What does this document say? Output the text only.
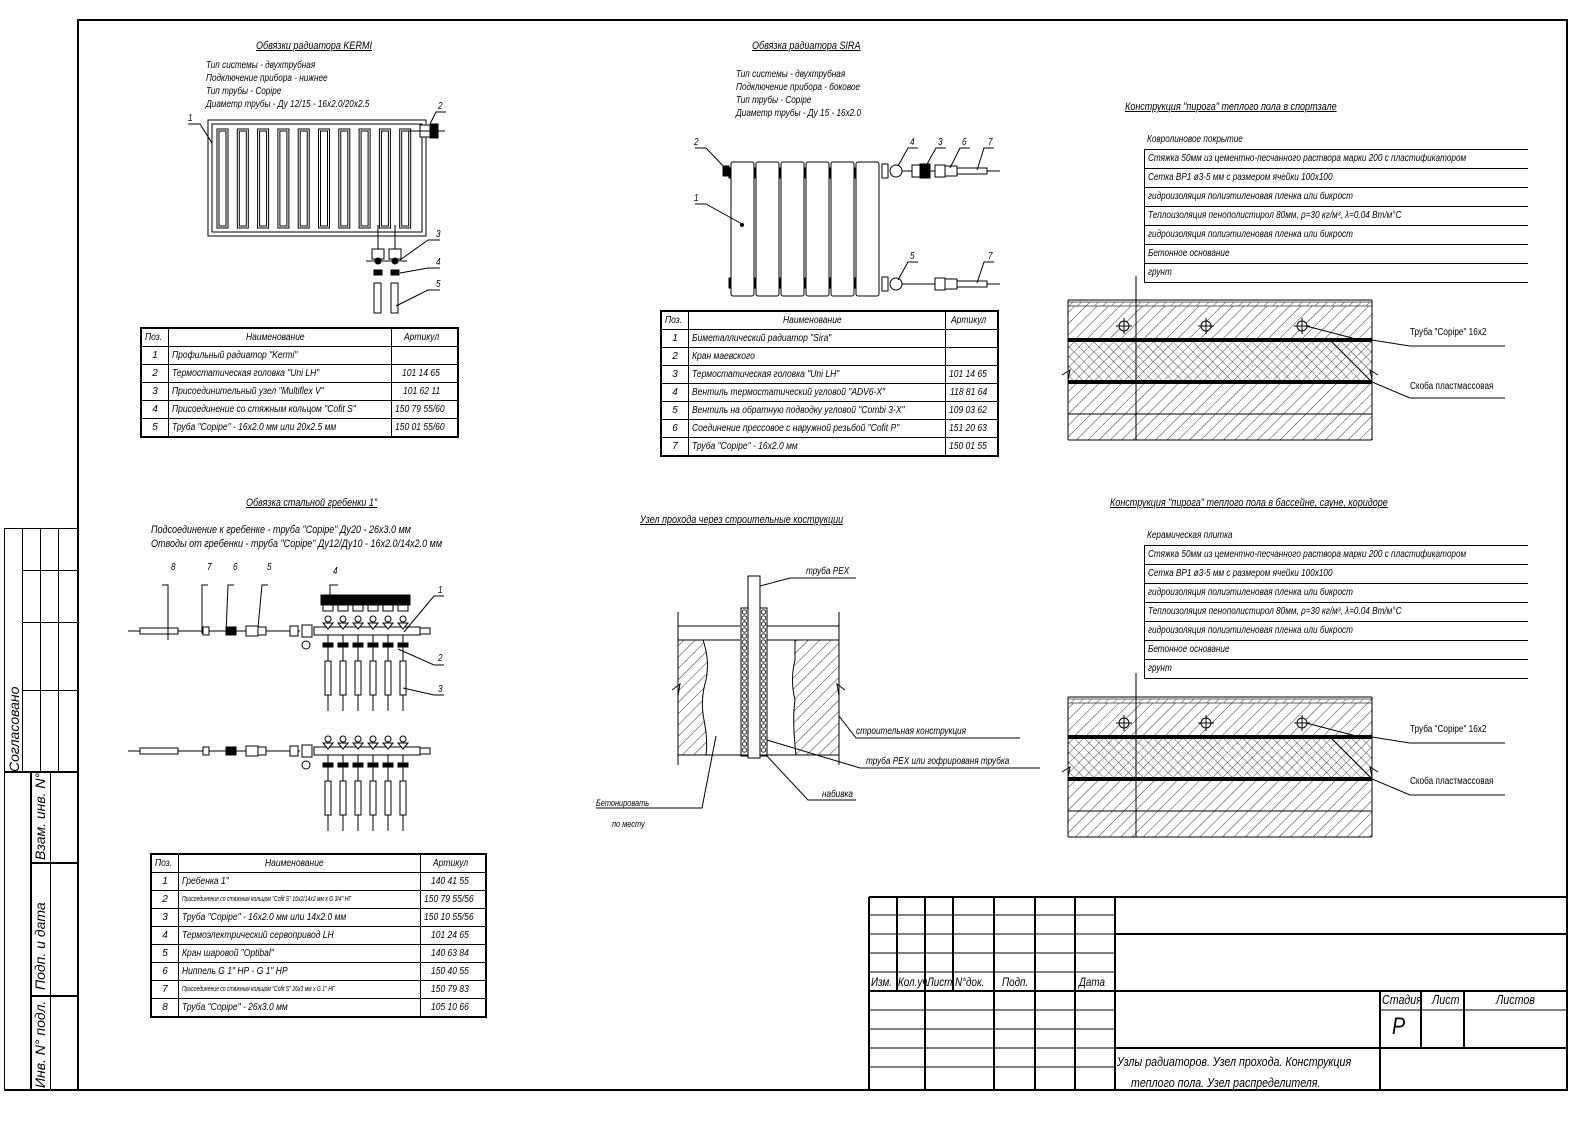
Согласовано
Взам. инв. N°
Подп. и дата
Инв. N° подл.
Обвязки радиатора KERMI
Тип системы - двухтрубная
Подключение прибора - нижнее
Тип трубы - Copipe
Диаметр трубы - Ду 12/15 - 16х2.0/20х2.5
1
2
3
4
5
Поз.	Наименование	Артикул
1	Профильный радиатор "Kermi"	
2	Термостатическая головка "Uni LH"	101 14 65
3	Присоединительный узел "Multiflex V"	101 62 11
4	Присоединение со стяжным кольцом "Cofit S"	150 79 55/60
5	Труба "Copipe" - 16х2.0 мм или 20х2.5 мм	150 01 55/60
Обвязка радиатора SIRA
Тип системы - двухтрубная
Подключение прибора - боковое
Тип трубы - Copipe
Диаметр трубы - Ду 15 - 16х2.0
1
2	3
4
5
6 7
7
Поз.	Наименование	Артикул
1	Биметаллический радиатор "Sira"	
2	Кран маевского	
3	Термостатическая головка "Uni LH"	101 14 65
4	Вентиль термостатический угловой "ADV6-X"	118 81 64
5	Вентиль на обратную подводку угловой "Combi 3-X"	109 03 62
6	Соединение прессовое с наружной резьбой "Cofit P"	151 20 63
7	Труба "Copipe" - 16х2.0 мм	150 01 55
Конструкция "пирога" теплого пола в спортзале
Ковролиновое покрытие
Стяжка 50мм из цементно-песчанного раствора марки 200 с пластификатором
Сетка ВР1 ø3-5 мм с размером ячейки 100х100
гидроизоляция полиэтиленовая пленка или бикрост
Теплоизоляция пенополистирол 80мм, ρ=30 кг/м³, λ=0.04 Вт/м°С
гидроизоляция полиэтиленовая пленка или бикрост
Бетонное основание
грунт
Труба "Copipe" 16х2
Скоба пластмассовая
Конструкция "пирога" теплого пола в бассейне, сауне, коридоре
Керамическая плитка
Стяжка 50мм из цементно-песчанного раствора марки 200 с пластификатором
Сетка ВР1 ø3-5 мм с размером ячейки 100х100
гидроизоляция полиэтиленовая пленка или бикрост
Теплоизоляция пенополистирол 80мм, ρ=30 кг/м³, λ=0.04 Вт/м°С
гидроизоляция полиэтиленовая пленка или бикрост
Бетонное основание
грунт
Труба "Copipe" 16х2
Скоба пластмассовая
Обвязка стальной гребенки 1"
Подсоединение к гребенке - труба "Copipe" Ду20 - 26х3.0 мм
Отводы от гребенки - труба "Copipe" Ду12/Ду10 - 16х2.0/14х2.0 мм
8	7 6	5	4
1
2
3
Поз.	Наименование	Артикул
1	Гребенка 1"	140 41 55
2	Присоединение со стяжным кольцом "Cofit S" 16х2/14х2 мм х G 3/4" НГ	150 79 55/56
3	Труба "Copipe" - 16х2.0 мм или 14х2.0 мм	150 10 55/56
4	Термоэлектрический сервопривод LH	101 24 65
5	Кран шаровой "Optibal"	140 63 84
6	Ниппель G 1" НР - G 1" НР	150 40 55
7	Присоединение со стяжным кольцом "Cofit S" 26х3 мм х G 1" НГ	150 79 83
8	Труба "Copipe" - 26х3.0 мм	105 10 66
Узел прохода через строительные кострукции
труба PEX
строительная конструкция
труба PEX или гофрированя трубка
набивка
Бетонировать
по месту
Изм. Кол.уч.
Лист N°док. Подп.	Дата
Стадия Лист	Листов
Р
Узлы радиаторов. Узел прохода. Конструкция
теплого пола. Узел распределителя.
